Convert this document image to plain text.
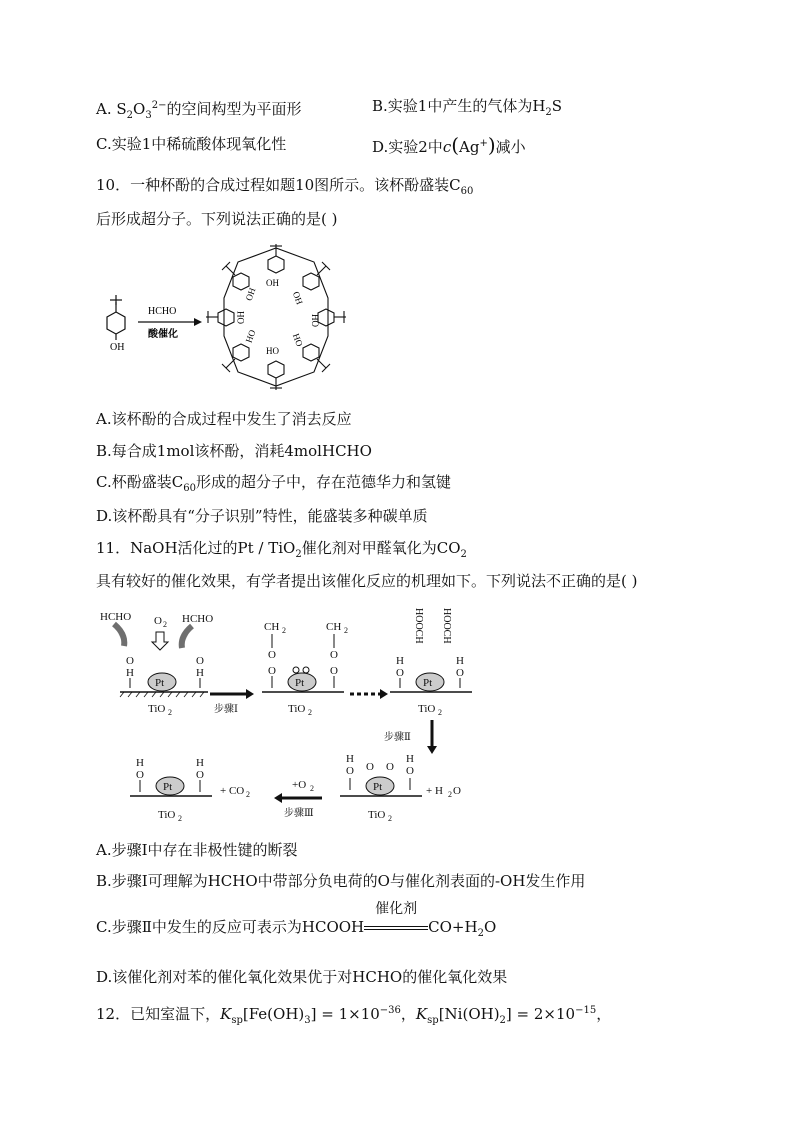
A. $S_2O_3^{2-}$的空间构型为平面形	B.实验1中产生的气体为$H_2S$
C.实验1中稀硫酸体现氧化性	D.实验2中c(Ag+)减小
10．一种杯酚的合成过程如题10图所示。该杯酚盛装$C_{60}$
后形成超分子。下列说法正确的是( )
OH
HCHO
酸催化
OH
OH	OH
OH
HO
HO	HO
HO
A.该杯酚的合成过程中发生了消去反应
B.每合成1mol该杯酚，消耗4molHCHO
C.杯酚盛装$C_{60}$形成的超分子中，存在范德华力和氢键
D.该杯酚具有“分子识别”特性，能盛装多种碳单质
11．NaOH活化过的Pt / TiO$_2$催化剂对甲醛氧化为$CO_2$
具有较好的催化效果，有学者提出该催化反应的机理如下。下列说法不正确的是( )
HCHO	HCHO
O 2
O
H
O
H
Pt
TiO 2	步骤Ⅰ
CH 2	CH 2
O	O
O	O
Pt
TiO 2
HOOCH HOOCH
H
O
H
O
Pt
TiO 2
步骤Ⅱ
O O O O
H	H
Pt
TiO 2
+ H 2 O
+O 2
步骤Ⅲ
H
O
H
O
Pt
TiO 2
+ CO 2
A.步骤Ⅰ中存在非极性键的断裂
B.步骤Ⅰ可理解为HCHO中带部分负电荷的O与催化剂表面的-OH发生作用
C.步骤Ⅱ中发生的反应可表示为HCOOH
催化剂
$CO+H_2O$
D.该催化剂对苯的催化氧化效果优于对HCHO的催化氧化效果
12．已知室温下，$K_{sp}[Fe(OH)_3] = 1\times 10^{-36}$，$K_{sp}[Ni(OH)_2] = 2\times 10^{-15}$，
